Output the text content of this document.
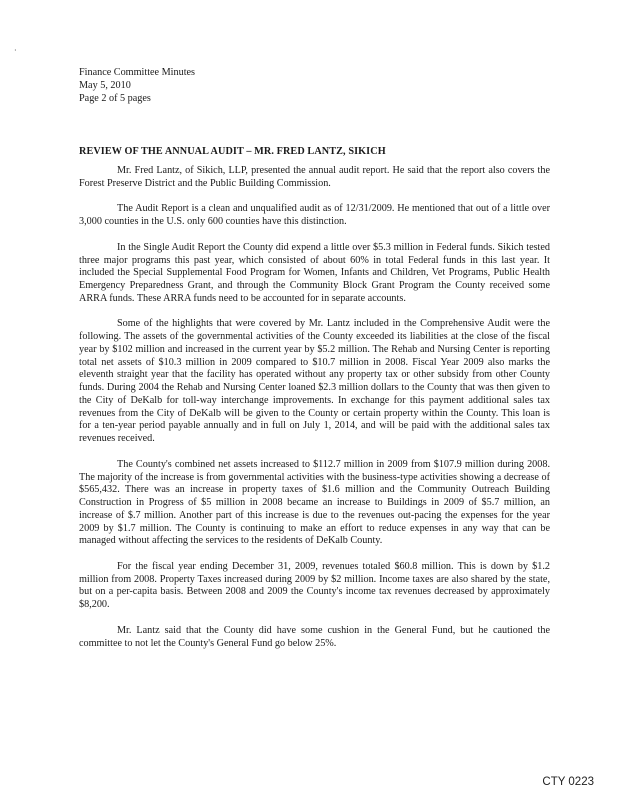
·
Finance Committee Minutes
May 5, 2010
Page 2 of 5 pages
REVIEW OF THE ANNUAL AUDIT – MR. FRED LANTZ, SIKICH

Mr. Fred Lantz, of Sikich, LLP, presented the annual audit report. He said that the report also covers the Forest Preserve District and the Public Building Commission.

The Audit Report is a clean and unqualified audit as of 12/31/2009. He mentioned that out of a little over 3,000 counties in the U.S. only 600 counties have this distinction.

In the Single Audit Report the County did expend a little over $5.3 million in Federal funds. Sikich tested three major programs this past year, which consisted of about 60% in total Federal funds in this last year. It included the Special Supplemental Food Program for Women, Infants and Children, Vet Programs, Public Health Emergency Preparedness Grant, and through the Community Block Grant Program the County received some ARRA funds. These ARRA funds need to be accounted for in separate accounts.

Some of the highlights that were covered by Mr. Lantz included in the Comprehensive Audit were the following. The assets of the governmental activities of the County exceeded its liabilities at the close of the fiscal year by $102 million and increased in the current year by $5.2 million. The Rehab and Nursing Center is reporting total net assets of $10.3 million in 2009 compared to $10.7 million in 2008. Fiscal Year 2009 also marks the eleventh straight year that the facility has operated without any property tax or other subsidy from other County funds. During 2004 the Rehab and Nursing Center loaned $2.3 million dollars to the County that was then given to the City of DeKalb for toll-way interchange improvements. In exchange for this payment additional sales tax revenues from the City of DeKalb will be given to the County or certain property within the County. This loan is for a ten-year period payable annually and in full on July 1, 2014, and will be paid with the additional sales tax revenues received.

The County's combined net assets increased to $112.7 million in 2009 from $107.9 million during 2008. The majority of the increase is from governmental activities with the business-type activities showing a decrease of $565,432. There was an increase in property taxes of $1.6 million and the Community Outreach Building Construction in Progress of $5 million in 2008 became an increase to Buildings in 2009 of $5.7 million, an increase of $.7 million. Another part of this increase is due to the revenues out-pacing the expenses for the year 2009 by $1.7 million. The County is continuing to make an effort to reduce expenses in any way that can be managed without affecting the services to the residents of DeKalb County.

For the fiscal year ending December 31, 2009, revenues totaled $60.8 million. This is down by $1.2 million from 2008. Property Taxes increased during 2009 by $2 million. Income taxes are also shared by the state, but on a per-capita basis. Between 2008 and 2009 the County's income tax revenues decreased by approximately $8,200.

Mr. Lantz said that the County did have some cushion in the General Fund, but he cautioned the committee to not let the County's General Fund go below 25%.

CTY 0223
